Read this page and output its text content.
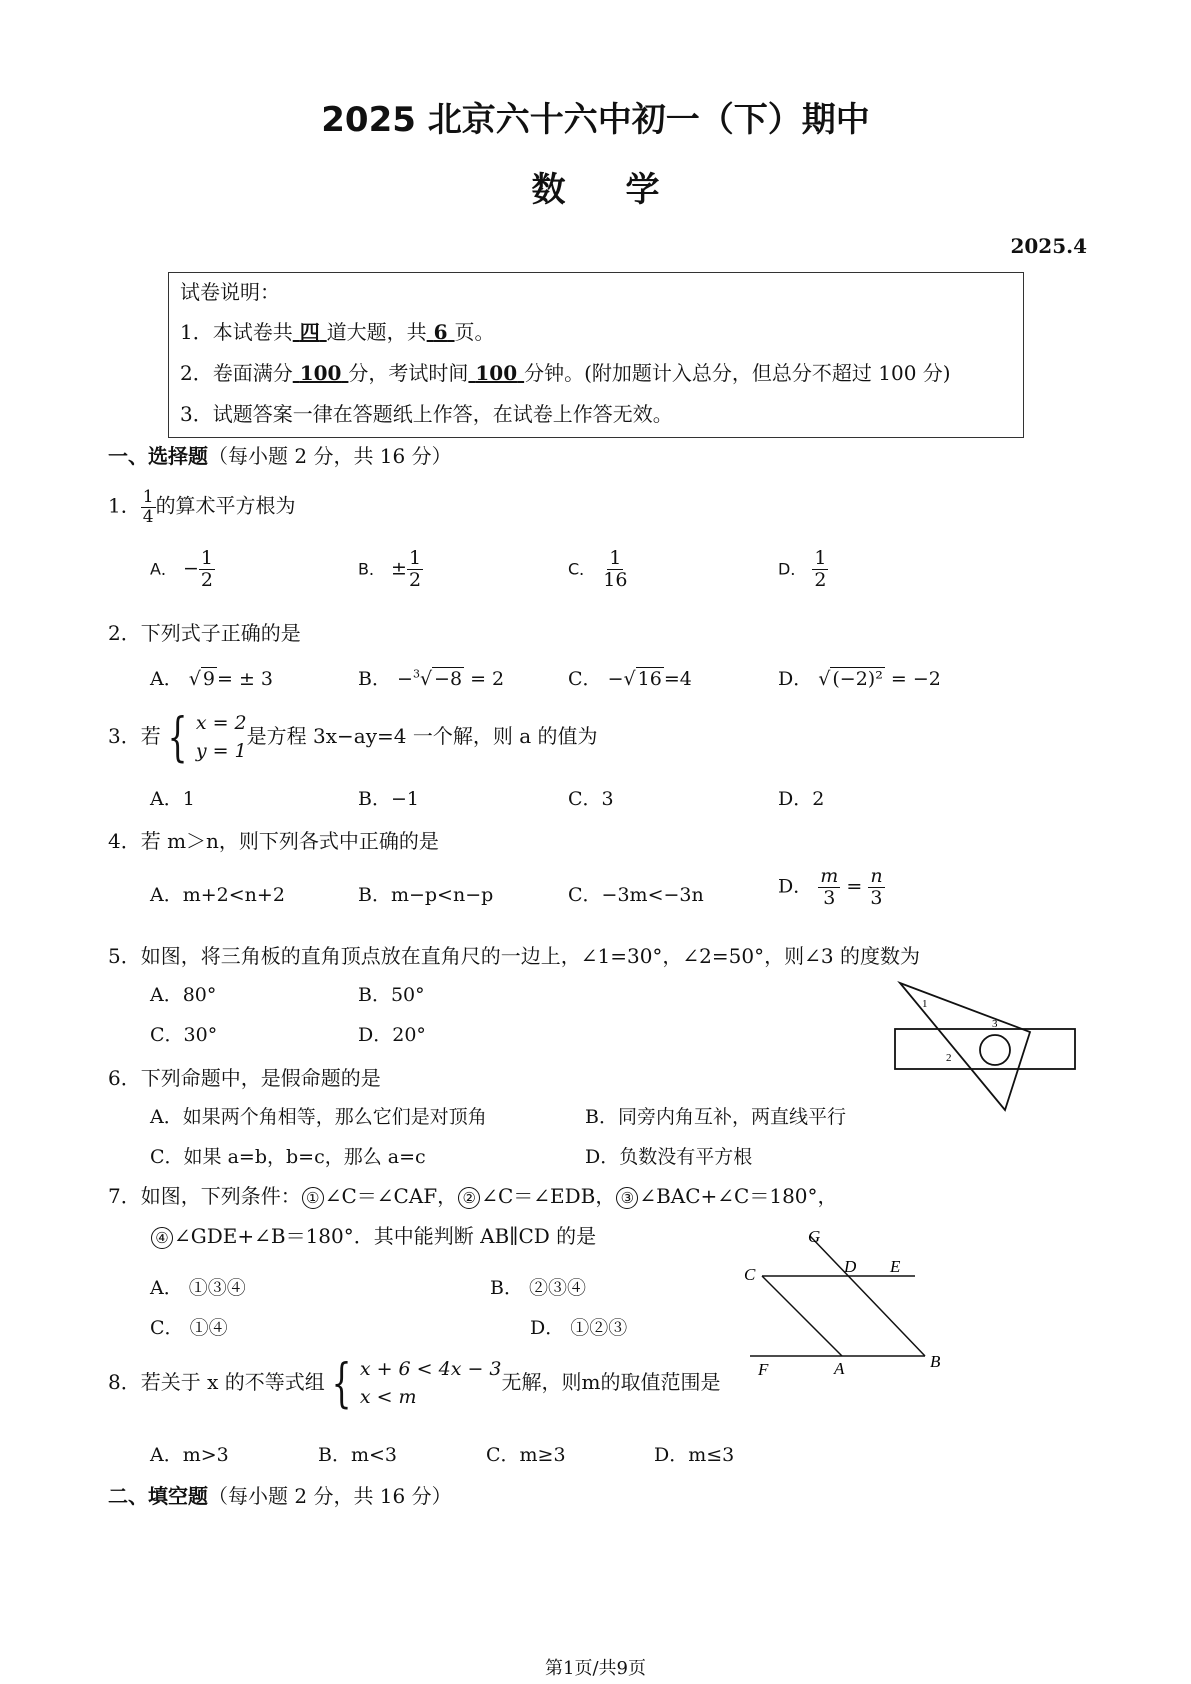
2025 北京六十六中初一（下）期中
数学
2025.4
试卷说明：
1．本试卷共 四 道大题，共 6 页。
2．卷面满分 100 分，考试时间 100 分钟。(附加题计入总分，但总分不超过 100 分)
3．试题答案一律在答题纸上作答，在试卷上作答无效。
一、选择题（每小题 2 分，共 16 分）
1． $\frac{1}{4}$ 的算术平方根为
A． − $\frac{1}{2}$	B． ± $\frac{1}{2}$	C． $\frac{1}{16}$	D． $\frac{1}{2}$
2．下列式子正确的是
A． √ 9 = ± 3	B． −$^3$√ −8 = 2	C． −√ 16 =4	D． √ (−2)² = −2
3．若 { x = 2
y = 1
是方程 3x−ay=4 一个解，则 a 的值为
A．1	B．−1	C．3	D．2
4．若 m＞n，则下列各式中正确的是
A．m+2<n+2	B．m−p<n−p	C．−3m<−3n	D． $\frac{m}{3} = \frac{n}{3}$
5．如图，将三角板的直角顶点放在直角尺的一边上，∠1=30°，∠2=50°，则∠3 的度数为
A．80°	B．50°
C．30°	D．20°
1
2
3
6．下列命题中，是假命题的是
A．如果两个角相等，那么它们是对顶角	B．同旁内角互补，两直线平行
C．如果 a=b，b=c，那么 a=c	D．负数没有平方根
7．如图，下列条件： ① ∠C＝∠CAF， ② ∠C＝∠EDB， ③ ∠BAC+∠C＝180°，
④ ∠GDE+∠B＝180°．其中能判断 AB∥CD 的是
A． ①③④	B． ②③④
C． ①④	D． ①②③
G
D E
C
F	A	B
8．若关于 x 的不等式组 { x + 6 < 4x − 3
x < m
无解，则m的取值范围是
A．m>3	B．m<3	C．m≥3	D．m≤3
二、填空题（每小题 2 分，共 16 分）
第1页/共9页
